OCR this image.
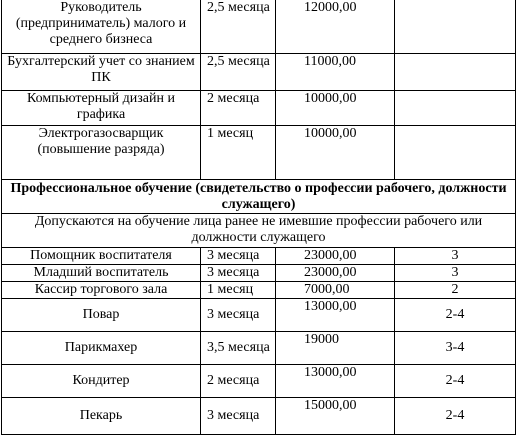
Руководитель (предприниматель) малого и среднего бизнеса	2,5 месяца	12000,00	
Бухгалтерский учет со знанием ПК	2,5 месяца	11000,00	
Компьютерный дизайн и графика	2 месяца	10000,00	
Электрогазосварщик (повышение разряда)	1 месяц	10000,00	
Профессиональное обучение (свидетельство о профессии рабочего, должности служащего)			
Допускаются на обучение лица ранее не имевшие профессии рабочего или должности служащего			
Помощник воспитателя	3 месяца	23000,00	3
Младший воспитатель	3 месяца	23000,00	3
Кассир торгового зала	1 месяц	7000,00	2
Повар	3 месяца	13000,00	2-4
Парикмахер	3,5 месяца	19000	3-4
Кондитер	2 месяца	13000,00	2-4
Пекарь	3 месяца	15000,00	2-4
